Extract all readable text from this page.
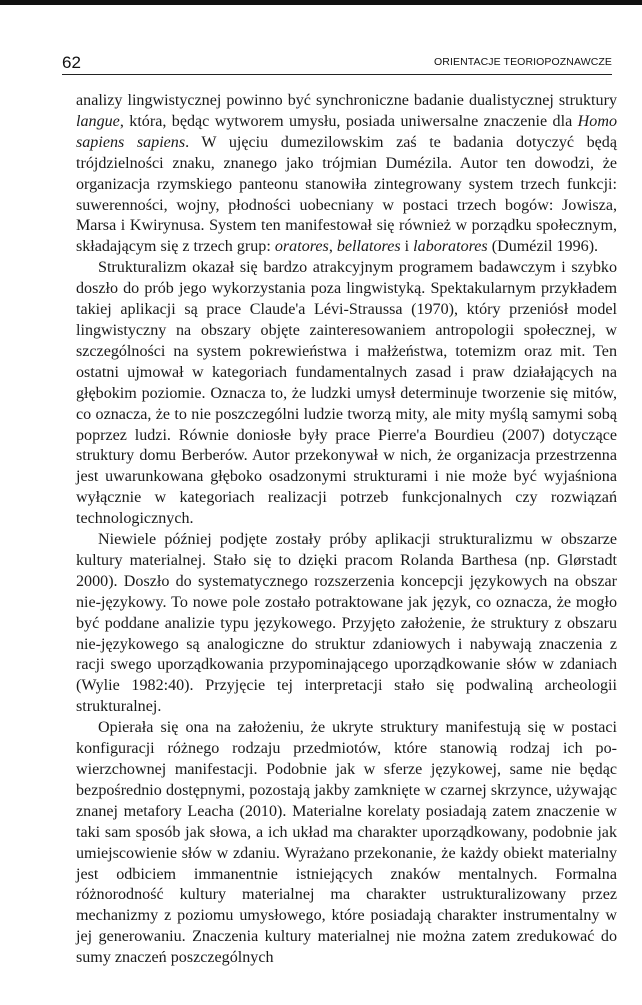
62	ORIENTACJE TEORIOPOZNAWCZE

analizy lingwistycznej powinno być synchroniczne badanie dualistycznej struktury langue, która, będąc wytworem umysłu, posiada uniwersalne znaczenie dla Homo sapiens sapiens. W ujęciu dumezilowskim zaś te badania dotyczyć będą trójdzielności znaku, znanego jako trójmian Dumézila. Autor ten dowodzi, że organizacja rzymskiego panteonu stanowiła zintegrowany system trzech funkcji: suwerenności, wojny, płodności uobecniany w postaci trzech bogów: Jowisza, Marsa i Kwirynusa. System ten manifestował się również w porządku społecznym, składającym się z trzech grup: oratores, bellatores i laboratores (Dumézil 1996).

Strukturalizm okazał się bardzo atrakcyjnym programem badawczym i szybko doszło do prób jego wykorzystania poza lingwistyką. Spektakularnym przykładem takiej aplikacji są prace Claude'a Lévi-Straussa (1970), który przeniósł model lingwistyczny na obszary objęte zainteresowaniem antropologii społecznej, w szczególności na system pokrewieństwa i małżeństwa, totemizm oraz mit. Ten ostatni ujmował w kategoriach fundamentalnych zasad i praw działających na głębokim poziomie. Oznacza to, że ludzki umysł determinuje tworzenie się mitów, co oznacza, że to nie poszczególni ludzie tworzą mity, ale mity myślą samymi sobą poprzez ludzi. Równie doniosłe były prace Pierre'a Bourdieu (2007) dotyczące struktury domu Berberów. Autor przekonywał w nich, że organizacja przestrzenna jest uwarunkowana głęboko osadzonymi strukturami i nie może być wyjaśniona wyłącznie w kategoriach realizacji potrzeb funkcjonalnych czy rozwiązań technologicznych.

Niewiele później podjęte zostały próby aplikacji strukturalizmu w obszarze kultury materialnej. Stało się to dzięki pracom Rolanda Barthesa (np. Glørstadt 2000). Doszło do systematycznego rozszerzenia koncepcji językowych na obszar nie-językowy. To nowe pole zostało potraktowane jak język, co oznacza, że mogło być poddane analizie typu językowego. Przyjęto założenie, że struktury z obszaru nie-językowego są analogiczne do struktur zdaniowych i nabywają znaczenia z racji swego uporządkowania przypominającego uporządkowanie słów w zdaniach (Wylie 1982:40). Przyjęcie tej interpretacji stało się podwaliną archeologii strukturalnej.

Opierała się ona na założeniu, że ukryte struktury manifestują się w postaci konfiguracji różnego rodzaju przedmiotów, które stanowią rodzaj ich powierzchownej manifestacji. Podobnie jak w sferze językowej, same nie będąc bezpośrednio dostępnymi, pozostają jakby zamknięte w czarnej skrzynce, używając znanej metafory Leacha (2010). Materialne korelaty posiadają zatem znaczenie w taki sam sposób jak słowa, a ich układ ma charakter uporządkowany, podobnie jak umiejscowienie słów w zdaniu. Wyrażano przekonanie, że każdy obiekt materialny jest odbiciem immanentnie istniejących znaków mentalnych. Formalna różnorodność kultury materialnej ma charakter ustrukturalizowany przez mechanizmy z poziomu umysłowego, które posiadają charakter instrumentalny w jej generowaniu. Znaczenia kultury materialnej nie można zatem zredukować do sumy znaczeń poszczególnych
